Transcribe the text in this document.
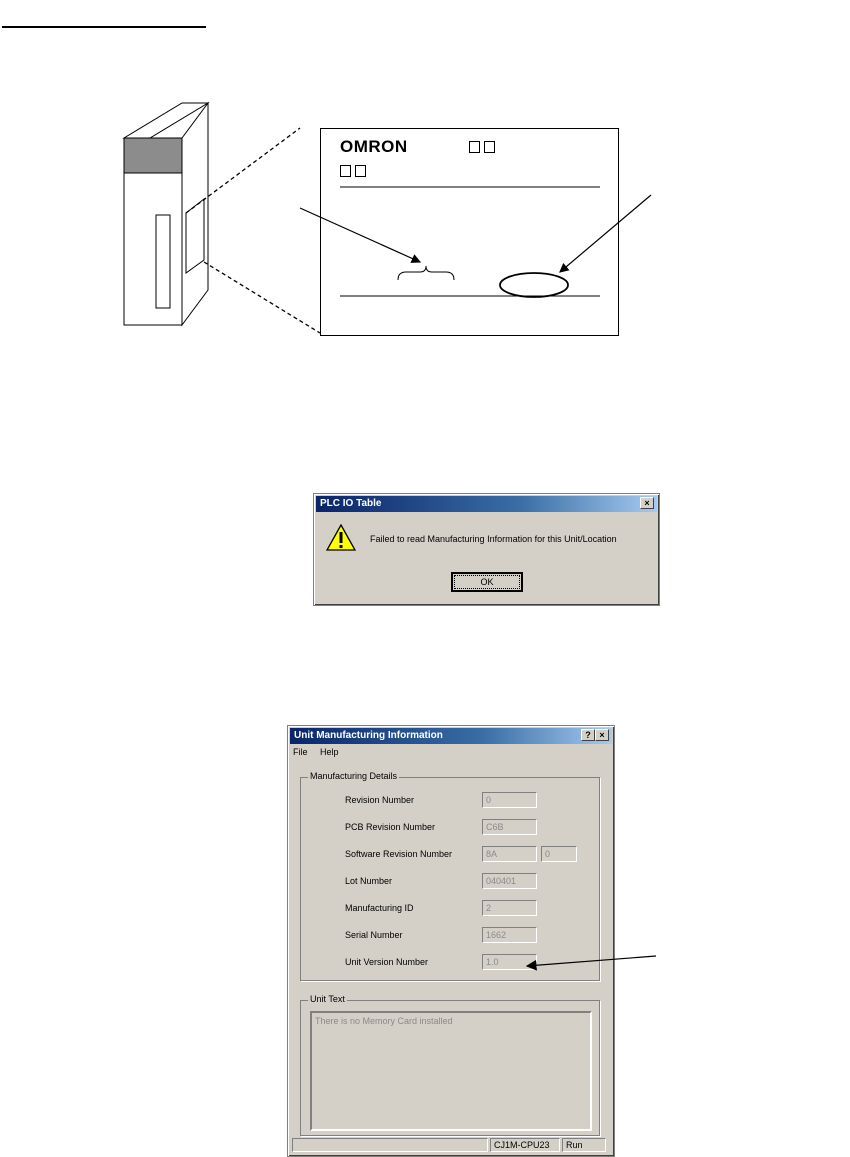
OMRON
PLC IO Table	×
Failed to read Manufacturing Information for this Unit/Location
OK
Unit Manufacturing Information	? ×
File Help
Manufacturing Details
Revision Number	0
PCB Revision Number	C6B
Software Revision Number	8A	0
Lot Number	040401
Manufacturing ID	2
Serial Number	1662
Unit Version Number	1.0
Unit Text
There is no Memory Card installed
CJ1M-CPU23	Run
